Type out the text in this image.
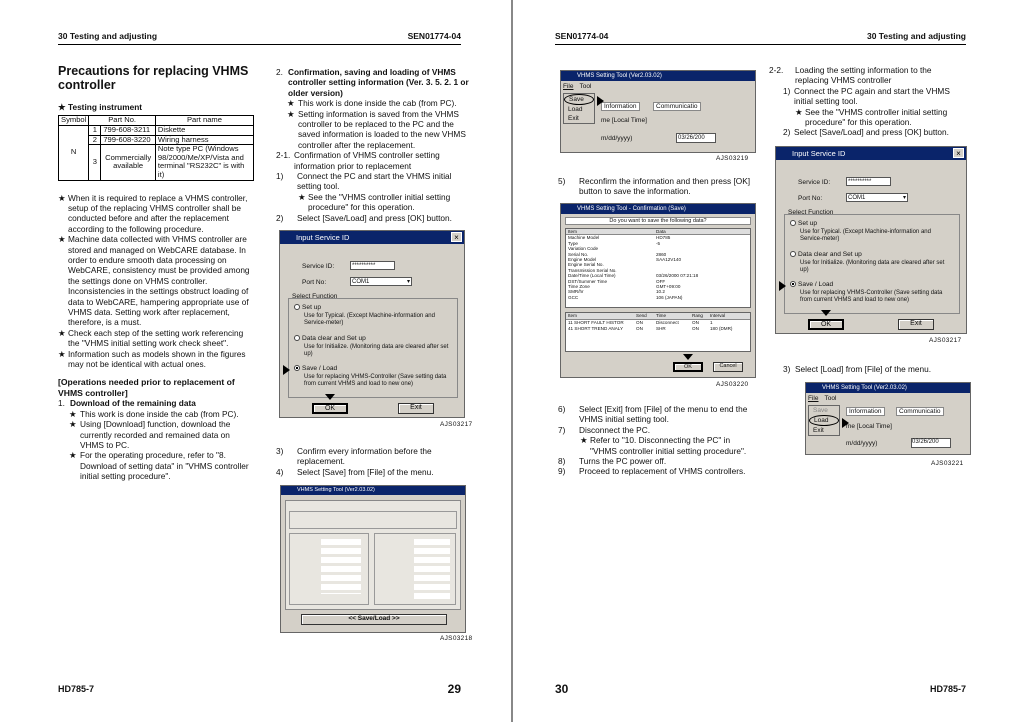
30 Testing and adjusting	SEN01774-04
Precautions for replacing VHMS controller
★ Testing instrument
Symbol	Part No.		Part name
N	1	799-608-3211	Diskette
	2	799-608-3220	Wiring harness
	3	Commercially available	Note type PC (Windows 98/2000/Me/XP/Vista and terminal "RS232C" is with it)
★ When it is required to replace a VHMS controller, setup of the replacing VHMS controller shall be conducted before and after the replacement according to the following procedure.
★ Machine data collected with VHMS controller are stored and managed on WebCARE database. In order to endure smooth data processing on WebCARE, consistency must be provided among the settings done on VHMS controller. Inconsistencies in the settings obstruct loading of data to WebCARE, hampering appropriate use of VHMS data. Setting work after replacement, therefore, is a must.
★ Check each step of the setting work referencing the "VHMS initial setting work check sheet".
★ Information such as models shown in the figures may not be identical with actual ones.
[Operations needed prior to replacement of VHMS controller]
1. Download of the remaining data
★ This work is done inside the cab (from PC).
★ Using [Download] function, download the currently recorded and remained data on VHMS to PC.
★ For the operating procedure, refer to "8. Download of setting data" in "VHMS controller initial setting procedure".
2. Confirmation, saving and loading of VHMS controller setting information (Ver. 3. 5. 2. 1 or older version)
★ This work is done inside the cab (from PC).
★ Setting information is saved from the VHMS controller to be replaced to the PC and the saved information is loaded to the new VHMS controller after the replacement.
2-1. Confirmation of VHMS controller setting information prior to replacement
1) Connect the PC and start the VHMS initial setting tool.
★ See the "VHMS controller initial setting procedure" for this operation.
2) Select [Save/Load] and press [OK] button.
Input Service ID	×
Service ID:	**********
Port No:	COM1	▾
Select Function
Set up
Use for Typical. (Except Machine-information and Service-meter)
Data clear and Set up
Use for Initialize. (Monitoring data are cleared after set up)
Save / Load
Use for replacing VHMS-Controller (Save setting data from current VHMS and load to new one)
OK	Exit
AJS03217
3) Confirm every information before the replacement.
4) Select [Save] from [File] of the menu.
VHMS Setting Tool (Ver2.03.02)
<< Save/Load >>
AJS03218
HD785-7	29
SEN01774-04	30 Testing and adjusting
VHMS Setting Tool (Ver2.03.02)
File Tool
Save
Load
Exit
Information	Communicatio
me [Local Time]
m/dd/yyyy)	03/26/200
AJS03219
5) Reconfirm the information and then press [OK] button to save the information.
VHMS Setting Tool - Confirmation (Save)
Do you want to save the following data?
Item	Data
Machine Model	HD785
Type	-5
Variation Code
Serial No.	2860
Engine Model	SAA12V140
Engine Serial No.
Transmission Serial No.
Date/Time (Local Time)	03/26/2000 07:21:18
DST/Summer Time	OFF
Time Zone	GMT+09:00
SMR/hr	10.2
GCC	106 (JAPAN)
Item	Send	Time	Rang	Interval
11 SHORT FAULT HISTOR	ON	Disconnect	ON	1
41 SHORT TREND ANALY	ON	SHR	ON	180 (DMR)
OK	Cancel
AJS03220
6) Select [Exit] from [File] of the menu to end the VHMS initial setting tool.
7) Disconnect the PC.
★ Refer to "10. Disconnecting the PC" in "VHMS controller initial setting procedure".
8) Turns the PC power off.
9) Proceed to replacement of VHMS controllers.
2-2. Loading the setting information to the replacing VHMS controller
1) Connect the PC again and start the VHMS initial setting tool.
★ See the "VHMS controller initial setting procedure" for this operation.
2) Select [Save/Load] and press [OK] button.
Input Service ID	×
Service ID:	**********
Port No:	COM1	▾
Select Function
Set up
Use for Typical. (Except Machine-information and Service-meter)
Data clear and Set up
Use for Initialize. (Monitoring data are cleared after set up)
Save / Load
Use for replacing VHMS-Controller (Save setting data from current VHMS and load to new one)
OK	Exit
AJS03217
3) Select [Load] from [File] of the menu.
VHMS Setting Tool (Ver2.03.02)
File Tool
Save
Load
Exit
Information	Communicatio
me [Local Time]
m/dd/yyyy)	03/26/200
AJS03221
30	HD785-7
